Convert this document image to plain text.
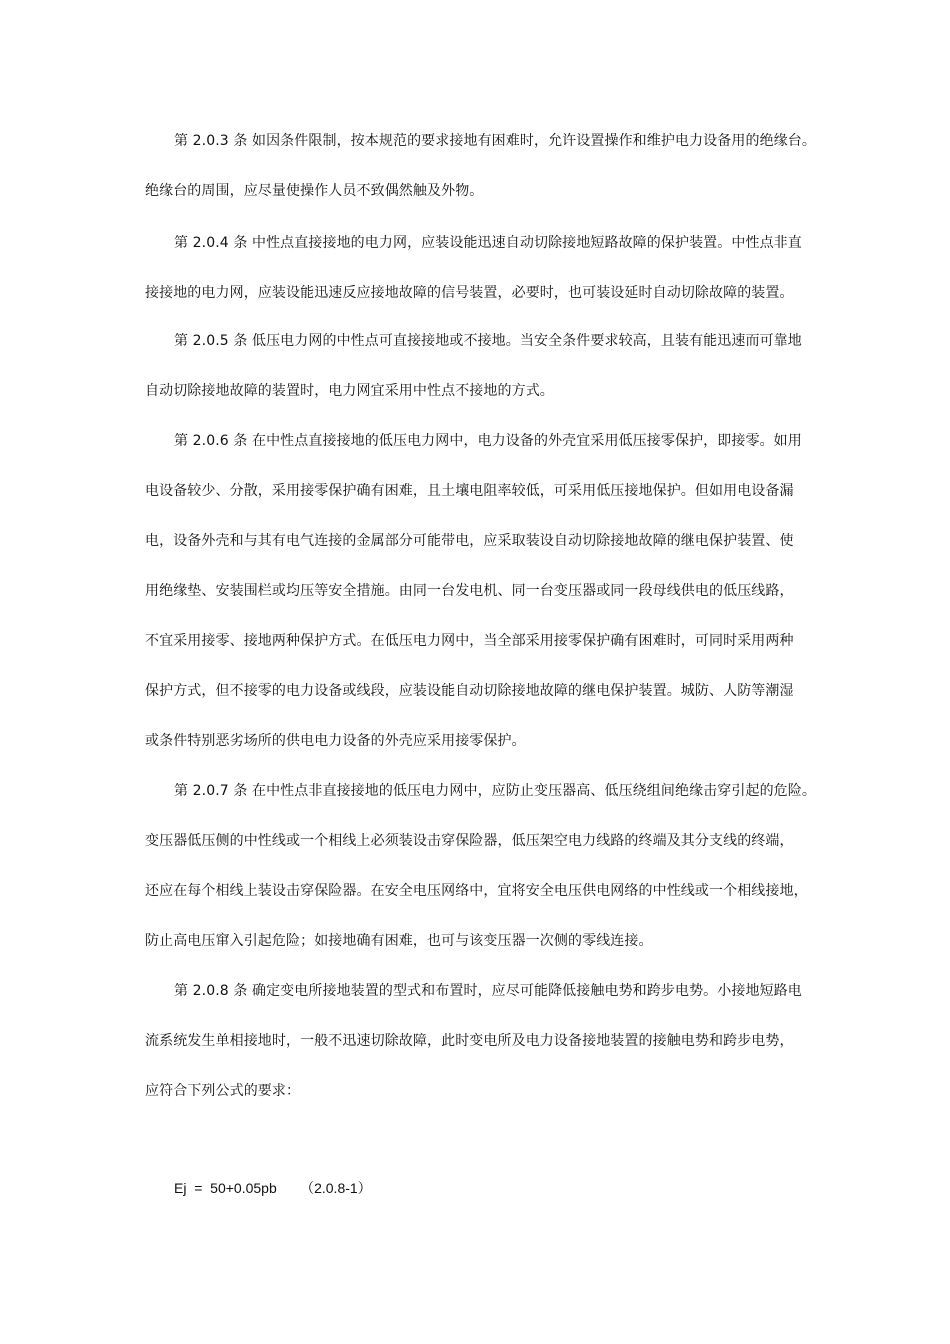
第 2.0.3 条 如因条件限制，按本规范的要求接地有困难时，允许设置操作和维护电力设备用的绝缘台。
绝缘台的周围，应尽量使操作人员不致偶然触及外物。
第 2.0.4 条 中性点直接接地的电力网，应装设能迅速自动切除接地短路故障的保护装置。中性点非直
接接地的电力网，应装设能迅速反应接地故障的信号装置，必要时，也可装设延时自动切除故障的装置。
第 2.0.5 条 低压电力网的中性点可直接接地或不接地。当安全条件要求较高，且装有能迅速而可靠地
自动切除接地故障的装置时，电力网宜采用中性点不接地的方式。
第 2.0.6 条 在中性点直接接地的低压电力网中，电力设备的外壳宜采用低压接零保护，即接零。如用
电设备较少、分散，采用接零保护确有困难，且土壤电阻率较低，可采用低压接地保护。但如用电设备漏
电，设备外壳和与其有电气连接的金属部分可能带电，应采取装设自动切除接地故障的继电保护装置、使
用绝缘垫、安装围栏或均压等安全措施。由同一台发电机、同一台变压器或同一段母线供电的低压线路，
不宜采用接零、接地两种保护方式。在低压电力网中，当全部采用接零保护确有困难时，可同时采用两种
保护方式，但不接零的电力设备或线段，应装设能自动切除接地故障的继电保护装置。城防、人防等潮湿
或条件特别恶劣场所的供电电力设备的外壳应采用接零保护。
第 2.0.7 条 在中性点非直接接地的低压电力网中，应防止变压器高、低压绕组间绝缘击穿引起的危险。
变压器低压侧的中性线或一个相线上必须装设击穿保险器，低压架空电力线路的终端及其分支线的终端，
还应在每个相线上装设击穿保险器。在安全电压网络中，宜将安全电压供电网络的中性线或一个相线接地，
防止高电压窜入引起危险；如接地确有困难，也可与该变压器一次侧的零线连接。
第 2.0.8 条 确定变电所接地装置的型式和布置时，应尽可能降低接触电势和跨步电势。小接地短路电
流系统发生单相接地时，一般不迅速切除故障，此时变电所及电力设备接地装置的接触电势和跨步电势，
应符合下列公式的要求：
Ej  =  50+0.05pb      （2.0.8-1）
